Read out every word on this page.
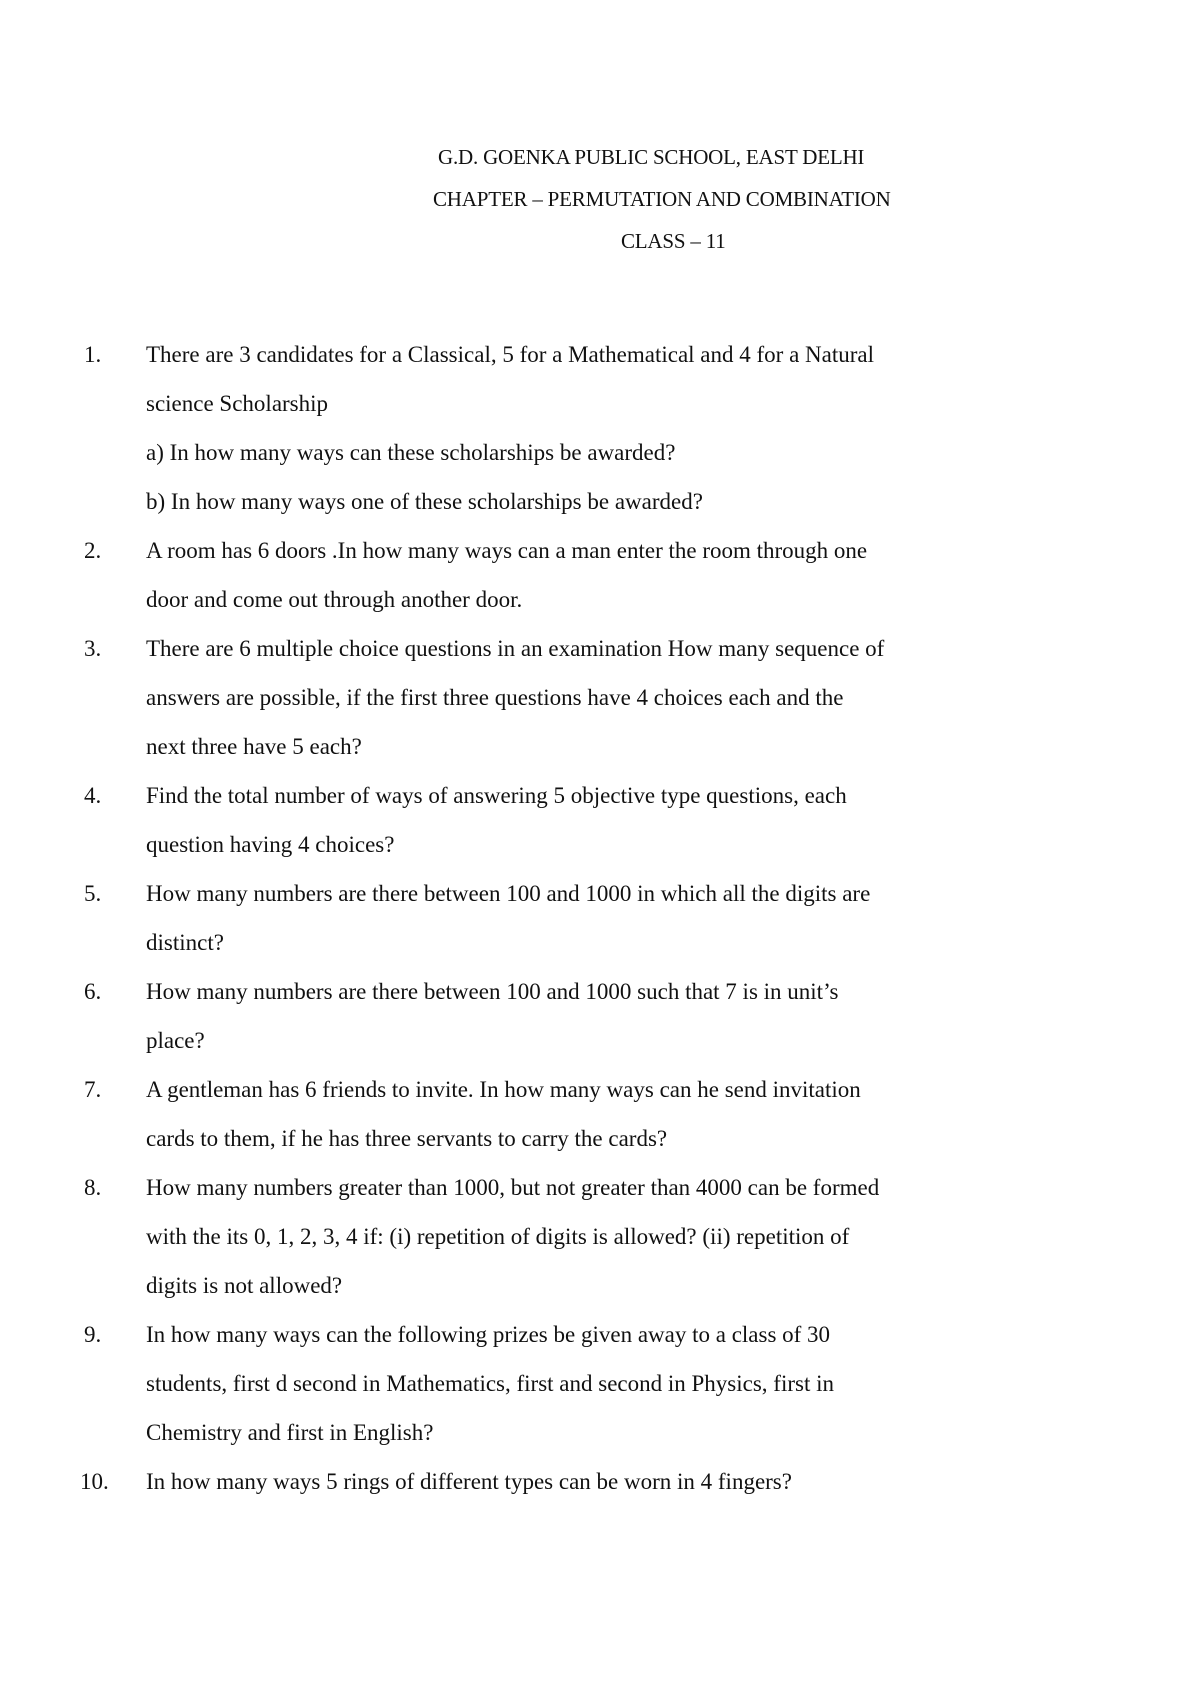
G.D. GOENKA PUBLIC SCHOOL, EAST DELHI
CHAPTER – PERMUTATION AND COMBINATION
CLASS – 11
1. There are 3 candidates for a Classical, 5 for a Mathematical and 4 for a Natural
science Scholarship
a) In how many ways can these scholarships be awarded?
b) In how many ways one of these scholarships be awarded?
2. A room has 6 doors .In how many ways can a man enter the room through one
door and come out through another door.
3. There are 6 multiple choice questions in an examination How many sequence of
answers are possible, if the first three questions have 4 choices each and the
next three have 5 each?
4. Find the total number of ways of answering 5 objective type questions, each
question having 4 choices?
5. How many numbers are there between 100 and 1000 in which all the digits are
distinct?
6. How many numbers are there between 100 and 1000 such that 7 is in unit’s
place?
7. A gentleman has 6 friends to invite. In how many ways can he send invitation
cards to them, if he has three servants to carry the cards?
8. How many numbers greater than 1000, but not greater than 4000 can be formed
with the its 0, 1, 2, 3, 4 if: (i) repetition of digits is allowed? (ii) repetition of
digits is not allowed?
9. In how many ways can the following prizes be given away to a class of 30
students, first d second in Mathematics, first and second in Physics, first in
Chemistry and first in English?
10. In how many ways 5 rings of different types can be worn in 4 fingers?
